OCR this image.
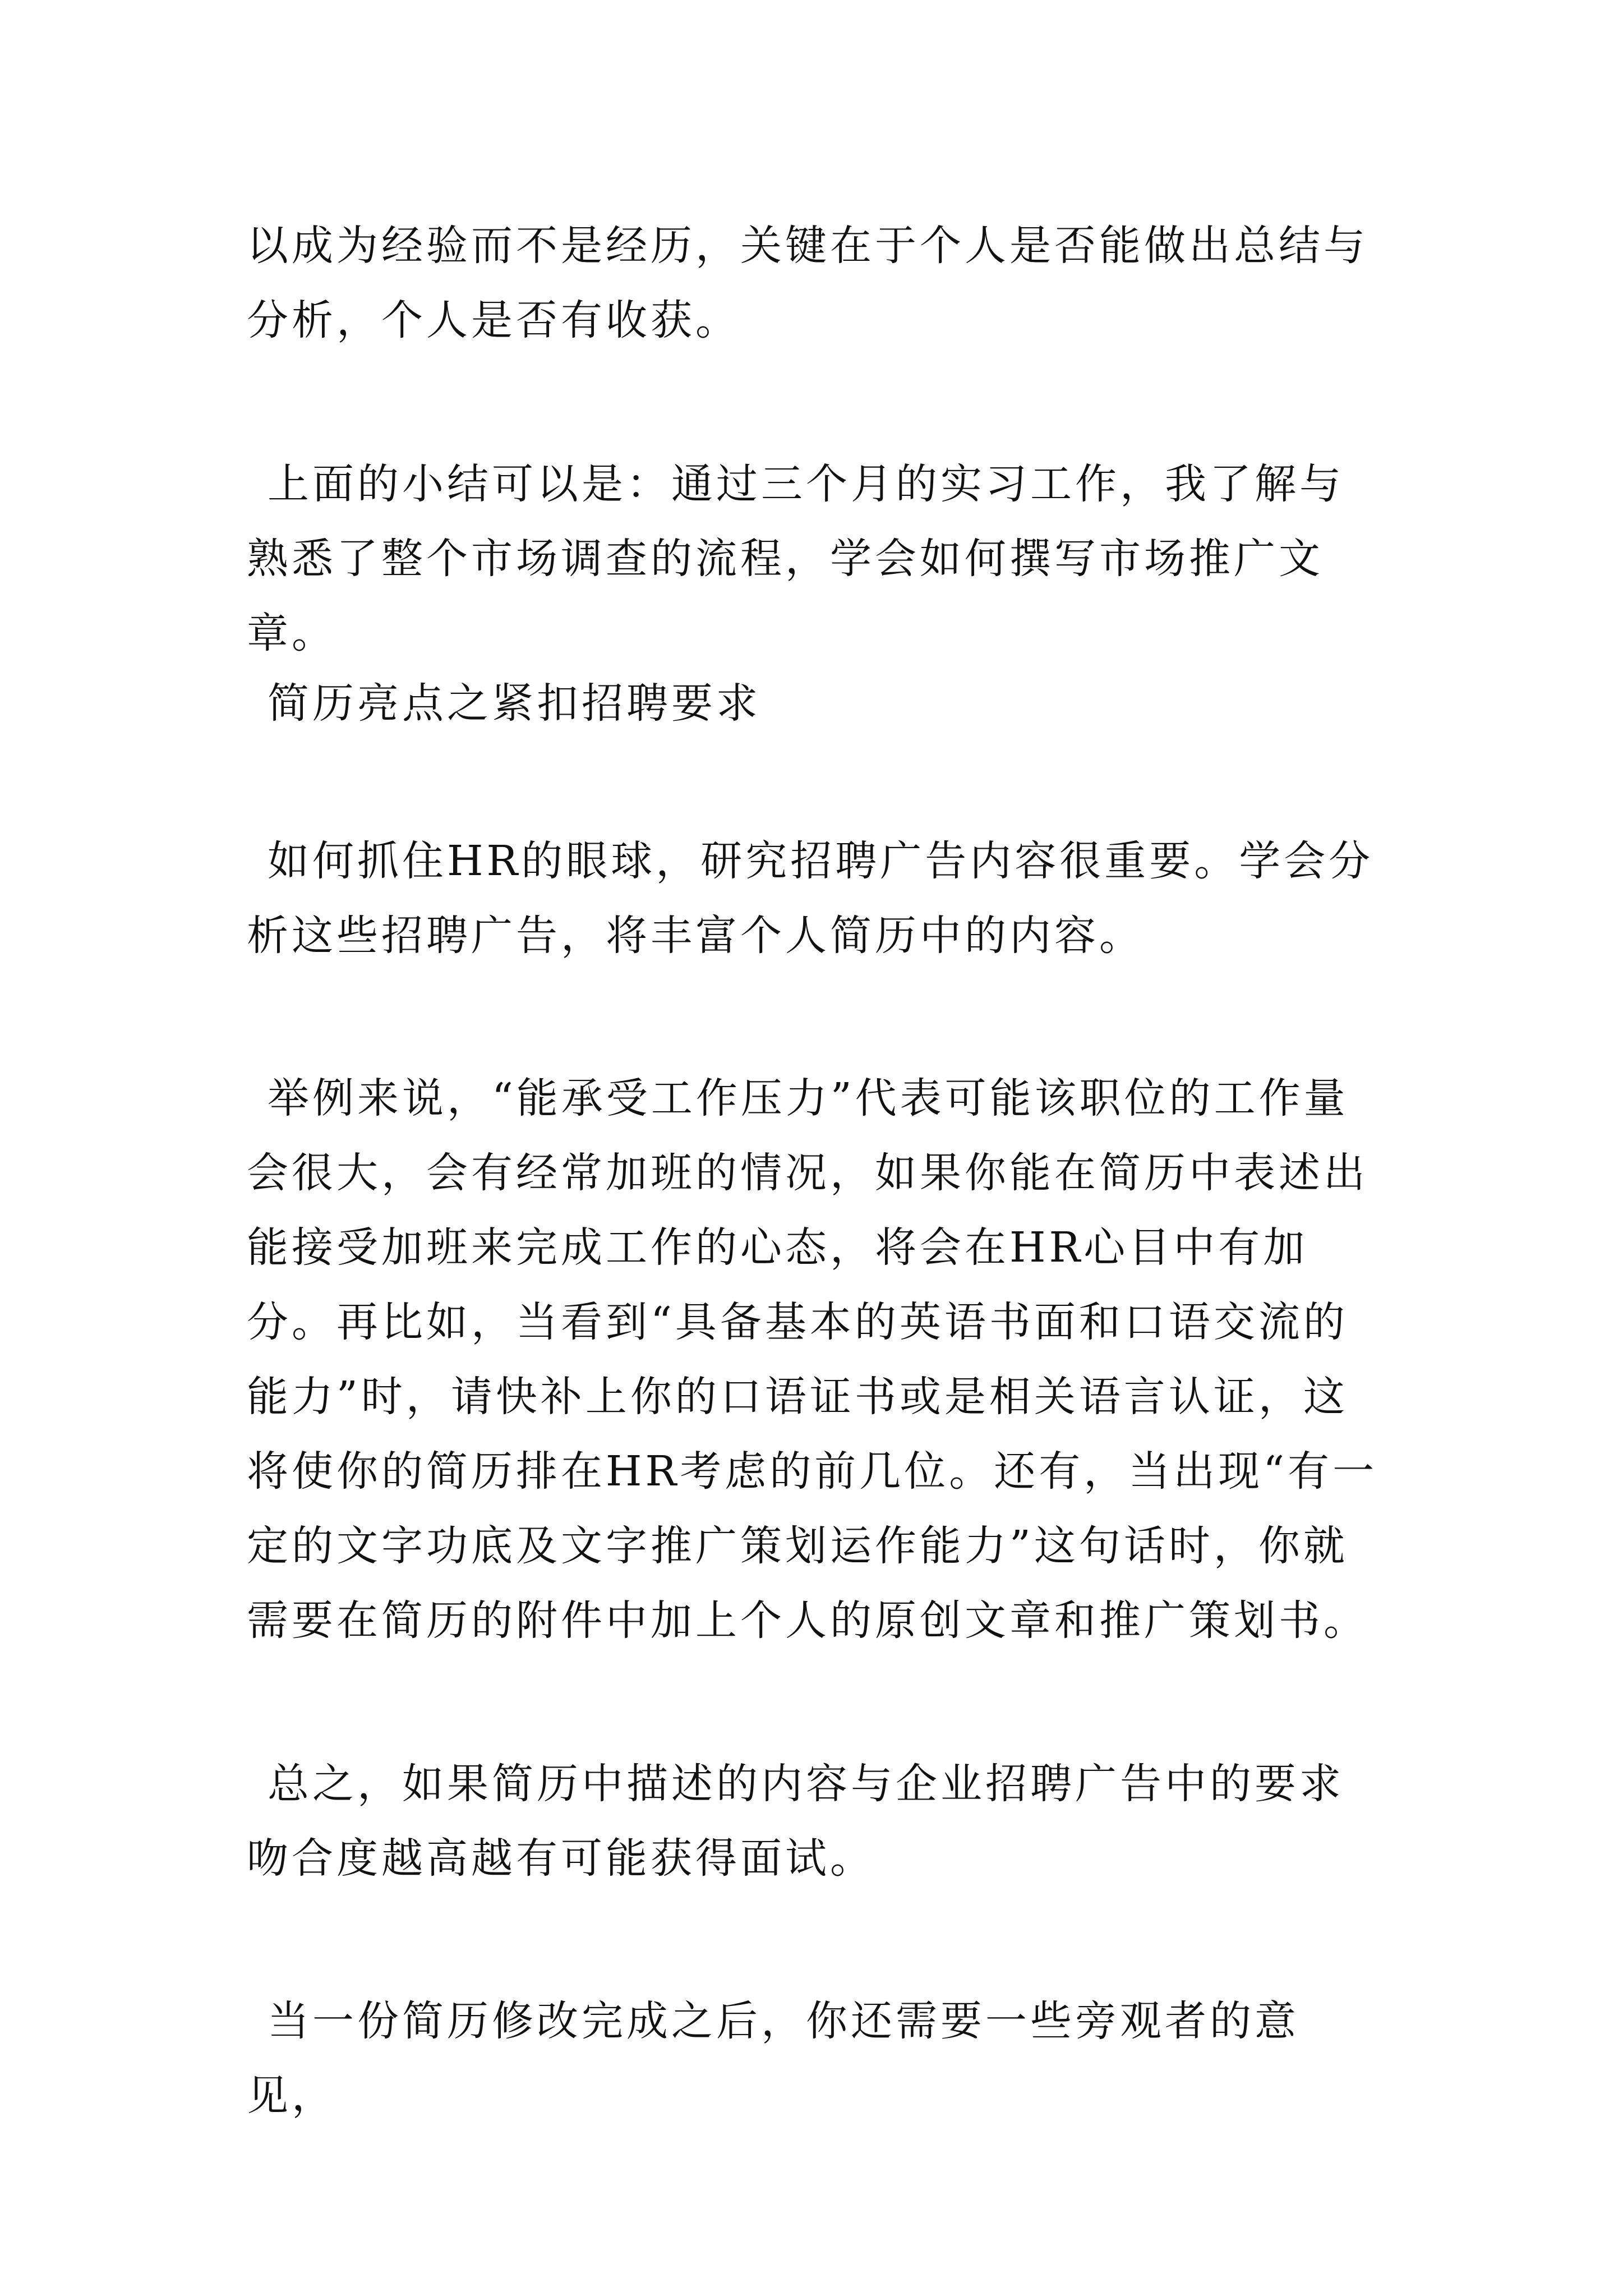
以成为经验而不是经历，关键在于个人是否能做出总结与分析，个人是否有收获。

上面的小结可以是：通过三个月的实习工作，我了解与熟悉了整个市场调查的流程，学会如何撰写市场推广文章。

简历亮点之紧扣招聘要求

如何抓住HR的眼球，研究招聘广告内容很重要。学会分析这些招聘广告，将丰富个人简历中的内容。

举例来说，“能承受工作压力”代表可能该职位的工作量会很大，会有经常加班的情况，如果你能在简历中表述出能接受加班来完成工作的心态，将会在HR心目中有加分。再比如，当看到“具备基本的英语书面和口语交流的能力”时，请快补上你的口语证书或是相关语言认证，这将使你的简历排在HR考虑的前几位。还有，当出现“有一定的文字功底及文字推广策划运作能力”这句话时，你就需要在简历的附件中加上个人的原创文章和推广策划书。

总之，如果简历中描述的内容与企业招聘广告中的要求吻合度越高越有可能获得面试。

当一份简历修改完成之后，你还需要一些旁观者的意见，
